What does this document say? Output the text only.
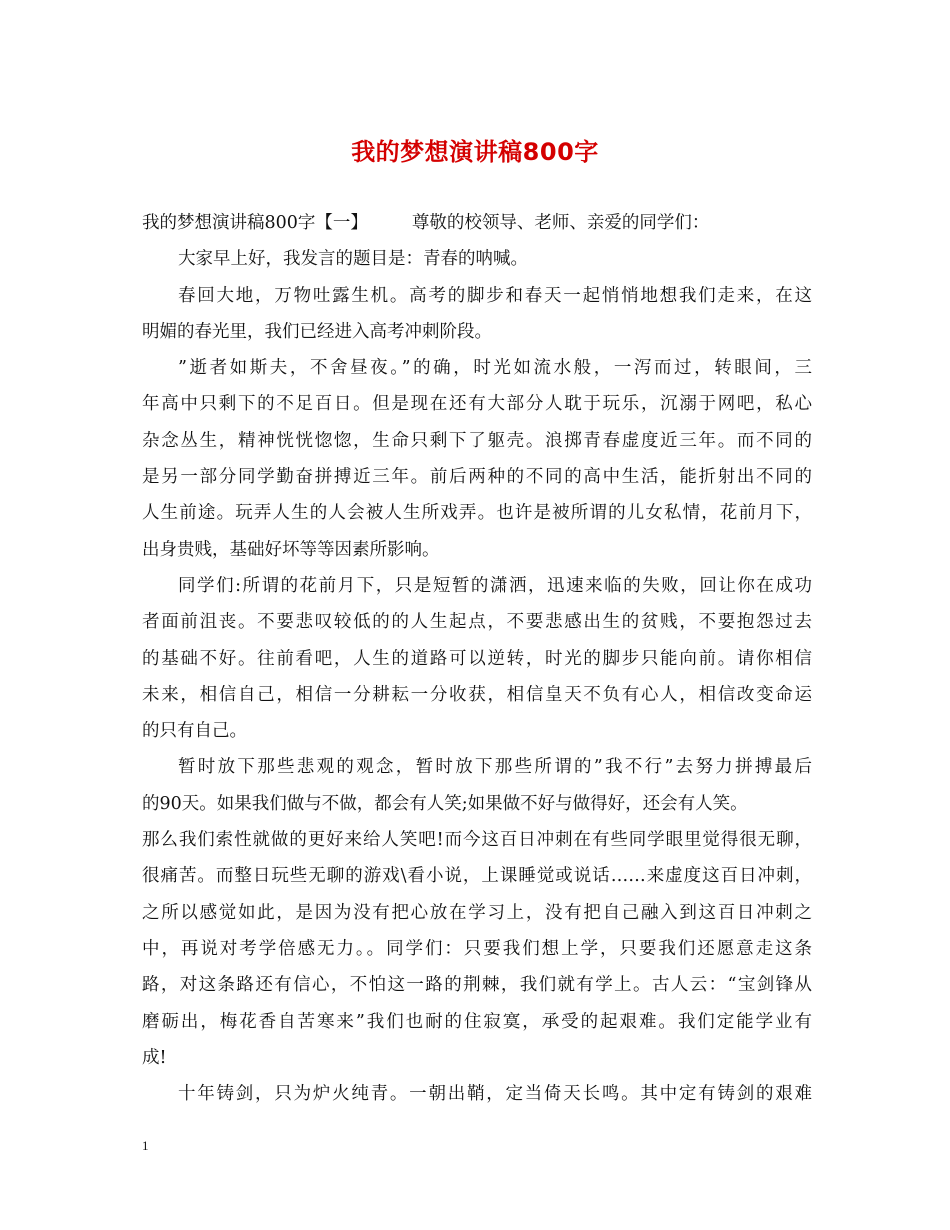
我的梦想演讲稿800字
我的梦想演讲稿800字【一】	尊敬的校领导、老师、亲爱的同学们：
大家早上好，我发言的题目是：青春的呐喊。
春回大地，万物吐露生机。高考的脚步和春天一起悄悄地想我们走来，在这
明媚的春光里，我们已经进入高考冲刺阶段。
”逝者如斯夫，不舍昼夜。”的确，时光如流水般，一泻而过，转眼间，三
年高中只剩下的不足百日。但是现在还有大部分人耽于玩乐，沉溺于网吧，私心
杂念丛生，精神恍恍惚惚，生命只剩下了躯壳。浪掷青春虚度近三年。而不同的
是另一部分同学勤奋拼搏近三年。前后两种的不同的高中生活，能折射出不同的
人生前途。玩弄人生的人会被人生所戏弄。也许是被所谓的儿女私情，花前月下，
出身贵贱，基础好坏等等因素所影响。
同学们:所谓的花前月下，只是短暂的潇洒，迅速来临的失败，回让你在成功
者面前沮丧。不要悲叹较低的的人生起点，不要悲感出生的贫贱，不要抱怨过去
的基础不好。往前看吧，人生的道路可以逆转，时光的脚步只能向前。请你相信
未来，相信自己，相信一分耕耘一分收获，相信皇天不负有心人，相信改变命运
的只有自己。
暂时放下那些悲观的观念，暂时放下那些所谓的”我不行”去努力拼搏最后
的90天。如果我们做与不做，都会有人笑;如果做不好与做得好，还会有人笑。
那么我们索性就做的更好来给人笑吧!而今这百日冲刺在有些同学眼里觉得很无聊，
很痛苦。而整日玩些无聊的游戏\看小说，上课睡觉或说话……来虚度这百日冲刺，
之所以感觉如此，是因为没有把心放在学习上，没有把自己融入到这百日冲刺之
中，再说对考学倍感无力。。同学们：只要我们想上学，只要我们还愿意走这条
路，对这条路还有信心，不怕这一路的荆棘，我们就有学上。古人云：“宝剑锋从
磨砺出，梅花香自苦寒来”我们也耐的住寂寞，承受的起艰难。我们定能学业有
成!
十年铸剑，只为炉火纯青。一朝出鞘，定当倚天长鸣。其中定有铸剑的艰难
1
